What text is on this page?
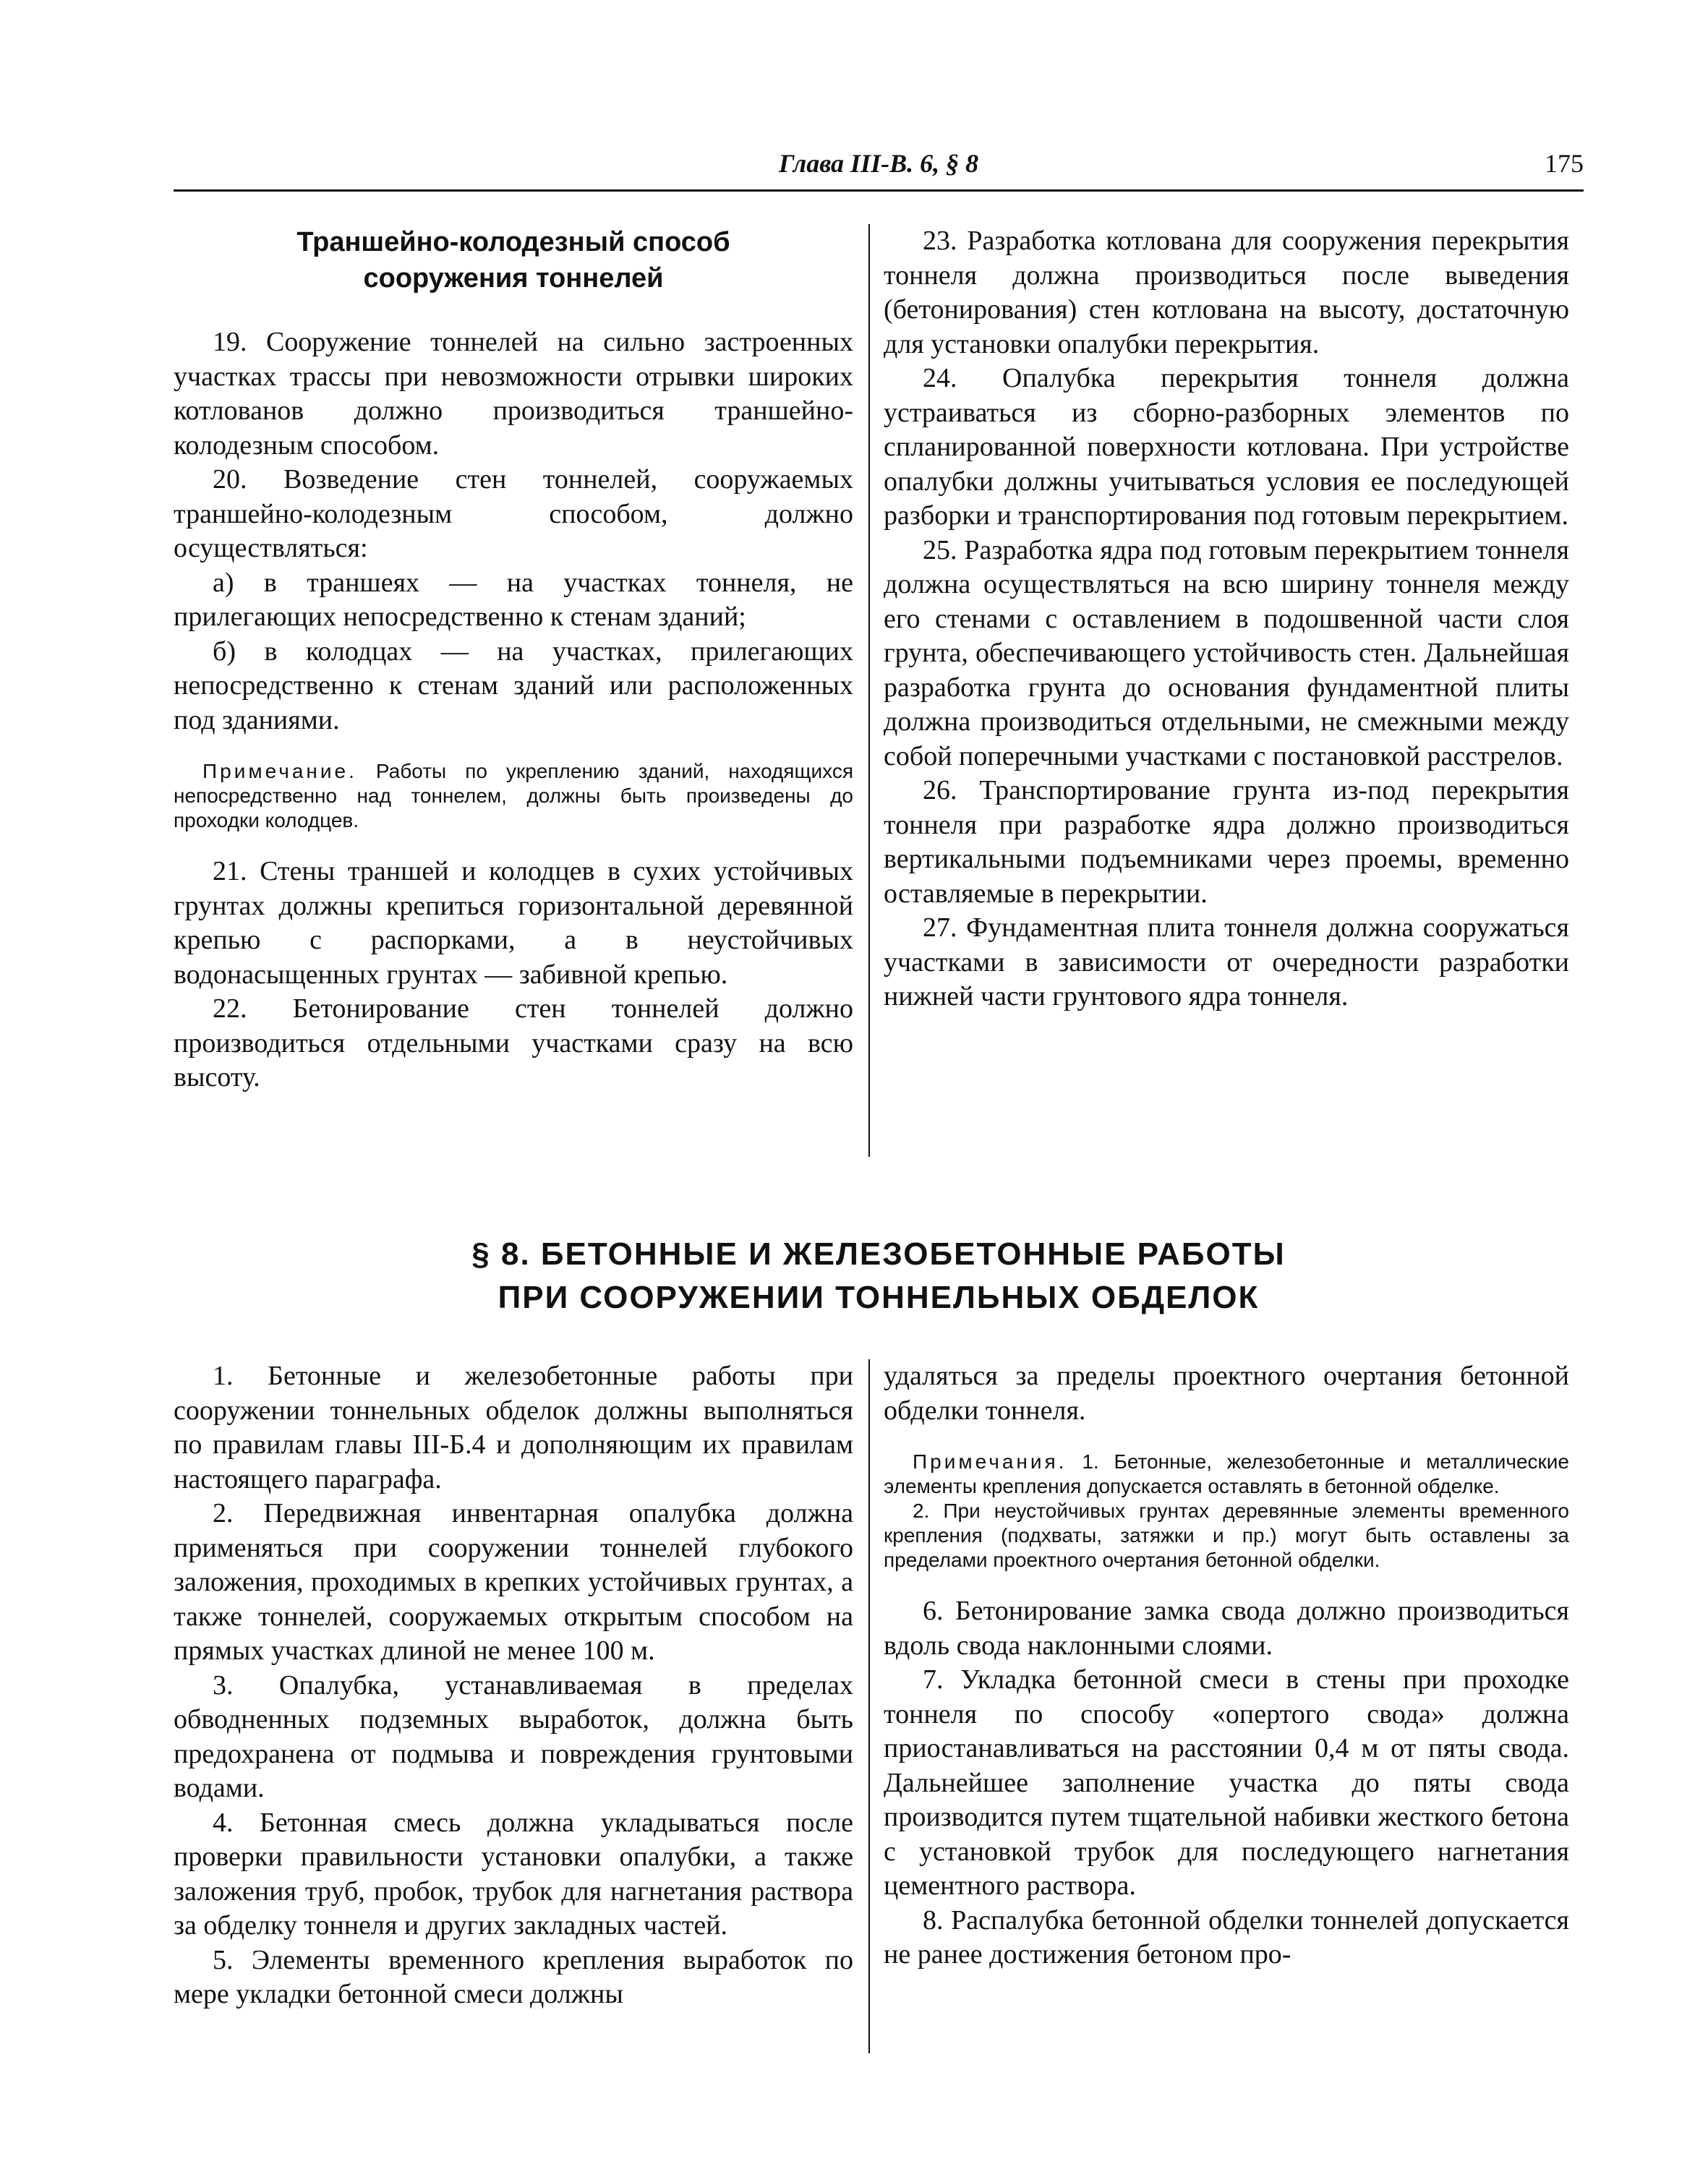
Глава III-В. 6, § 8	175

Траншейно-колодезный способ
сооружения тоннелей

19. Сооружение тоннелей на сильно застроенных участках трассы при невозможности отрывки широких котлованов должно производиться траншейно-колодезным способом.

20. Возведение стен тоннелей, сооружаемых траншейно-колодезным способом, должно осуществляться:

а) в траншеях — на участках тоннеля, не прилегающих непосредственно к стенам зданий;

б) в колодцах — на участках, прилегающих непосредственно к стенам зданий или расположенных под зданиями.

Примечание. Работы по укреплению зданий, находящихся непосредственно над тоннелем, должны быть произведены до проходки колодцев.

21. Стены траншей и колодцев в сухих устойчивых грунтах должны крепиться горизонтальной деревянной крепью с распорками, а в неустойчивых водонасыщенных грунтах — забивной крепью.

22. Бетонирование стен тоннелей должно производиться отдельными участками сразу на всю высоту.

23. Разработка котлована для сооружения перекрытия тоннеля должна производиться после выведения (бетонирования) стен котлована на высоту, достаточную для установки опалубки перекрытия.

24. Опалубка перекрытия тоннеля должна устраиваться из сборно-разборных элементов по спланированной поверхности котлована. При устройстве опалубки должны учитываться условия ее последующей разборки и транспортирования под готовым перекрытием.

25. Разработка ядра под готовым перекрытием тоннеля должна осуществляться на всю ширину тоннеля между его стенами с оставлением в подошвенной части слоя грунта, обеспечивающего устойчивость стен. Дальнейшая разработка грунта до основания фундаментной плиты должна производиться отдельными, не смежными между собой поперечными участками с постановкой расстрелов.

26. Транспортирование грунта из-под перекрытия тоннеля при разработке ядра должно производиться вертикальными подъемниками через проемы, временно оставляемые в перекрытии.

27. Фундаментная плита тоннеля должна сооружаться участками в зависимости от очередности разработки нижней части грунтового ядра тоннеля.

§ 8. БЕТОННЫЕ И ЖЕЛЕЗОБЕТОННЫЕ РАБОТЫ
ПРИ СООРУЖЕНИИ ТОННЕЛЬНЫХ ОБДЕЛОК

1. Бетонные и железобетонные работы при сооружении тоннельных обделок должны выполняться по правилам главы III-Б.4 и дополняющим их правилам настоящего параграфа.

2. Передвижная инвентарная опалубка должна применяться при сооружении тоннелей глубокого заложения, проходимых в крепких устойчивых грунтах, а также тоннелей, сооружаемых открытым способом на прямых участках длиной не менее 100 м.

3. Опалубка, устанавливаемая в пределах обводненных подземных выработок, должна быть предохранена от подмыва и повреждения грунтовыми водами.

4. Бетонная смесь должна укладываться после проверки правильности установки опалубки, а также заложения труб, пробок, трубок для нагнетания раствора за обделку тоннеля и других закладных частей.

5. Элементы временного крепления выработок по мере укладки бетонной смеси должны

удаляться за пределы проектного очертания бетонной обделки тоннеля.

Примечания. 1. Бетонные, железобетонные и металлические элементы крепления допускается оставлять в бетонной обделке.

2. При неустойчивых грунтах деревянные элементы временного крепления (подхваты, затяжки и пр.) могут быть оставлены за пределами проектного очертания бетонной обделки.

6. Бетонирование замка свода должно производиться вдоль свода наклонными слоями.

7. Укладка бетонной смеси в стены при проходке тоннеля по способу «опертого свода» должна приостанавливаться на расстоянии 0,4 м от пяты свода. Дальнейшее заполнение участка до пяты свода производится путем тщательной набивки жесткого бетона с установкой трубок для последующего нагнетания цементного раствора.

8. Распалубка бетонной обделки тоннелей допускается не ранее достижения бетоном про-
